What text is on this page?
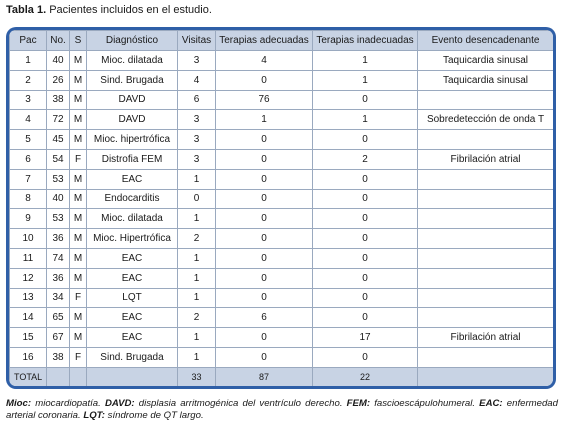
Tabla 1. Pacientes incluidos en el estudio.
Pac	No.	S	Diagnóstico	Visitas	Terapias adecuadas	Terapias inadecuadas	Evento desencadenante
1	40	M	Mioc. dilatada	3	4	1	Taquicardia sinusal
2	26	M	Sind. Brugada	4	0	1	Taquicardia sinusal
3	38	M	DAVD	6	76	0	
4	72	M	DAVD	3	1	1	Sobredetección de onda T
5	45	M	Mioc. hipertrófica	3	0	0	
6	54	F	Distrofia FEM	3	0	2	Fibrilación atrial
7	53	M	EAC	1	0	0	
8	40	M	Endocarditis	0	0	0	
9	53	M	Mioc. dilatada	1	0	0	
10	36	M	Mioc. Hipertrófica	2	0	0	
11	74	M	EAC	1	0	0	
12	36	M	EAC	1	0	0	
13	34	F	LQT	1	0	0	
14	65	M	EAC	2	6	0	
15	67	M	EAC	1	0	17	Fibrilación atrial
16	38	F	Sind. Brugada	1	0	0	
TOTAL				33	87	22	
Mioc: miocardiopatía. DAVD: displasia arritmogénica del ventrículo derecho. FEM: fascioescápulohumeral. EAC: enfermedad arterial coronaria. LQT: síndrome de QT largo.
